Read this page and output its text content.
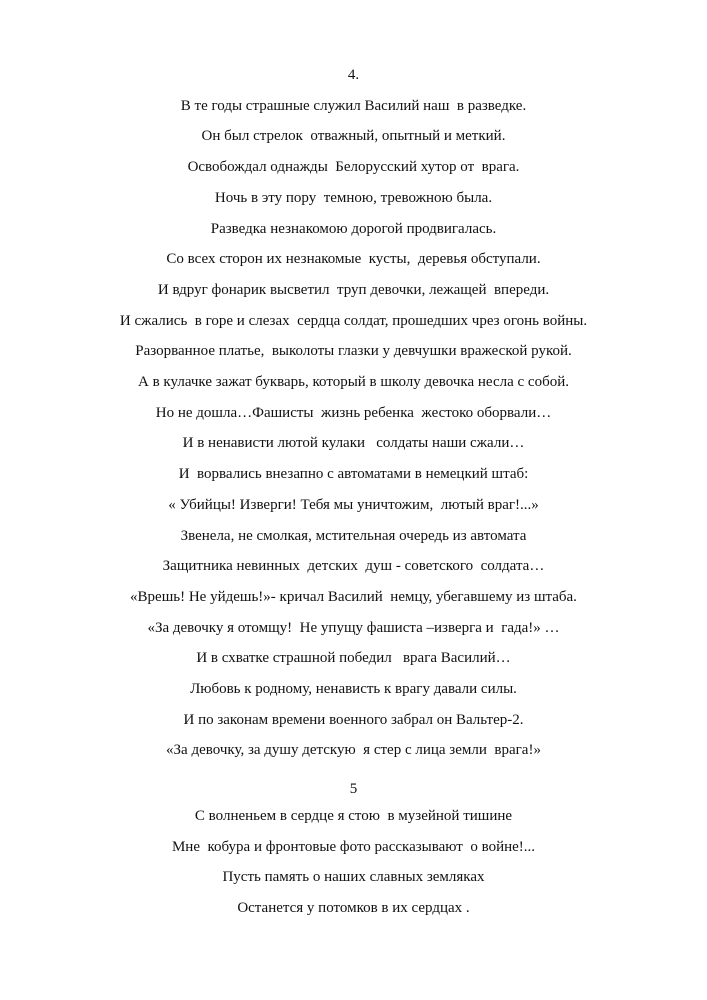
4.
В те годы страшные служил Василий наш  в разведке.
Он был стрелок  отважный, опытный и меткий.
Освобождал однажды  Белорусский хутор от  врага.
Ночь в эту пору  темною, тревожною была.
Разведка незнакомою дорогой продвигалась.
Со всех сторон их незнакомые  кусты,  деревья обступали.
И вдруг фонарик высветил  труп девочки, лежащей  впереди.
И сжались  в горе и слезах  сердца солдат, прошедших чрез огонь войны.
Разорванное платье,  выколоты глазки у девчушки вражеской рукой.
А в кулачке зажат букварь, который в школу девочка несла с собой.
Но не дошла…Фашисты  жизнь ребенка  жестоко оборвали…
И в ненависти лютой кулаки   солдаты наши сжали…
И  ворвались внезапно с автоматами в немецкий штаб:
« Убийцы! Изверги! Тебя мы уничтожим,  лютый враг!...»
Звенела, не смолкая, мстительная очередь из автомата
Защитника невинных  детских  душ - советского  солдата…
«Врешь! Не уйдешь!»- кричал Василий  немцу, убегавшему из штаба.
«За девочку я отомщу!  Не упущу фашиста –изверга и  гада!» …
И в схватке страшной победил   врага Василий…
Любовь к родному, ненависть к врагу давали силы.
И по законам времени военного забрал он Вальтер-2.
«За девочку, за душу детскую  я стер с лица земли  врага!»
5
С волненьем в сердце я стою  в музейной тишине
Мне  кобура и фронтовые фото рассказывают  о войне!...
Пусть память о наших славных земляках
Останется у потомков в их сердцах .
